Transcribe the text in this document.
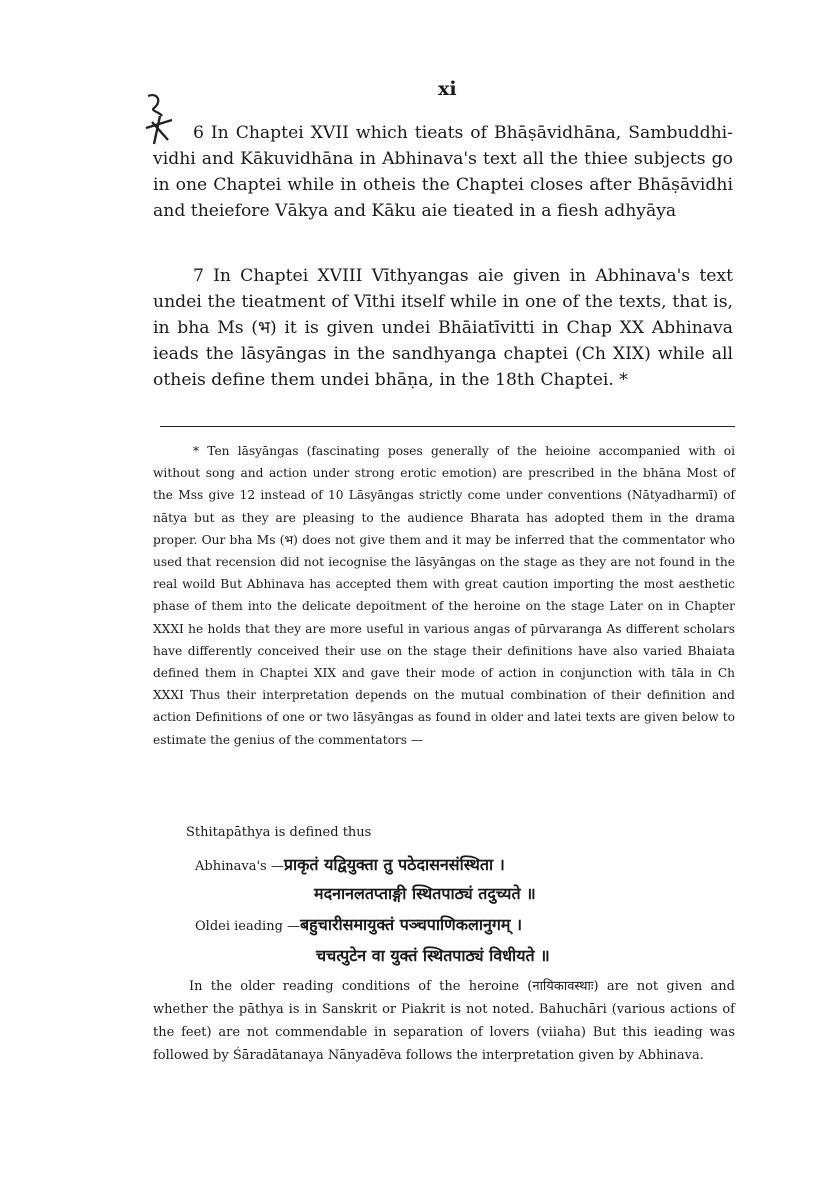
xi

6 In Chaptei XVII which tieats of Bhāṣāvidhāna, Sambuddhi-vidhi and Kākuvidhāna in Abhinava's text all the thiee subjects go in one Chaptei while in otheis the Chaptei closes after Bhāṣāvidhi and theiefore Vākya and Kāku aie tieated in a fiesh adhyāya

7 In Chaptei XVIII Vīthyangas aie given in Abhinava's text undei the tieatment of Vīthi itself while in one of the texts, that is, in bha Ms (भ) it is given undei Bhāiatīvitti in Chap XX Abhinava ieads the lāsyāngas in the sandhyanga chaptei (Ch XIX) while all otheis define them undei bhāṇa, in the 18th Chaptei. *

* Ten lāsyāngas (fascinating poses generally of the heioine accompanied with oi without song and action under strong erotic emotion) are prescribed in the bhāna Most of the Mss give 12 instead of 10 Lāsyāngas strictly come under conventions (Nātyadharmī) of nātya but as they are pleasing to the audience Bharata has adopted them in the drama proper. Our bha Ms (भ) does not give them and it may be inferred that the commentator who used that recension did not iecognise the lāsyāngas on the stage as they are not found in the real woild But Abhinava has accepted them with great caution importing the most aesthetic phase of them into the delicate depoitment of the heroine on the stage Later on in Chapter XXXI he holds that they are more useful in various angas of pūrvaranga As different scholars have differently conceived their use on the stage their definitions have also varied Bhaiata defined them in Chaptei XIX and gave their mode of action in conjunction with tāla in Ch XXXI Thus their interpretation depends on the mutual combination of their definition and action Definitions of one or two lāsyāngas as found in older and latei texts are given below to estimate the genius of the commentators —

Sthitapāthya is defined thus

Abhinava's —प्राकृतं यद्वियुक्ता तु पठेदासनसंस्थिता ।

मदनानलतप्ताङ्गी स्थितपाठ्यं तदुच्यते ॥

Oldei ieading —बहुचारीसमायुक्तं पञ्चपाणिकलानुगम् ।

चचत्पुटेन वा युक्तं स्थितपाठ्यं विधीयते ॥

In the older reading conditions of the heroine (नायिकावस्थाः) are not given and whether the pāthya is in Sanskrit or Piakrit is not noted. Bahuchāri (various actions of the feet) are not commendable in separation of lovers (viiaha) But this ieading was followed by Śāradātanaya Nānyadēva follows the interpretation given by Abhinava.
